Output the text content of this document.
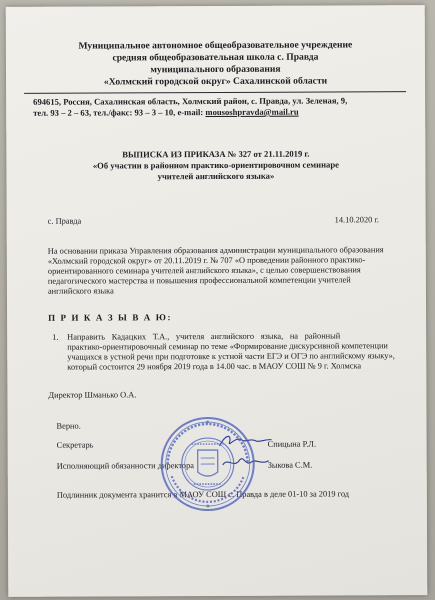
Муниципальное автономное общеобразовательное учреждение
средняя общеобразовательная школа с. Правда
муниципального образования
«Холмский городской округ» Сахалинской области
694615, Россия, Сахалинская область, Холмский район, с. Правда, ул. Зеленая, 9,
тел. 93 – 2 – 63, тел./факс: 93 – 3 – 10, e-mail: mousoshpravda@mail.ru
ВЫПИСКА ИЗ ПРИКАЗА № 327 от 21.11.2019 г.
«Об участии в районном практико-ориентировочном семинаре
учителей английского языка»
с. Правда	14.10.2020 г.
На основании приказа Управления образования администрации муниципального образования
«Холмский городской округ» от 20.11.2019 г. № 707 «О проведении районного практико-
ориентированного семинара учителей английского языка», с целью совершенствования
педагогического мастерства и повышения профессиональной компетенции учителей
английского языка
П Р И К А З Ы В А Ю:
1. Направить Кадацких Т.А., учителя английского языка, на районный
практико-ориентировочный семинар по теме «Формирование дискурсивной компетенции
учащихся в устной речи при подготовке к устной части ЕГЭ и ОГЭ по английскому языку»,
который состоится 29 ноября 2019 года в 14.00 час. в МАОУ СОШ № 9 г. Холмска
Директор Шманько О.А.
Верно.
Секретарь	Спицына Р.Л.
Исполняющий обязанности директора	Зыкова С.М.
Подлинник документа хранится в МАОУ СОШ с. Правда в деле 01-10 за 2019 год
